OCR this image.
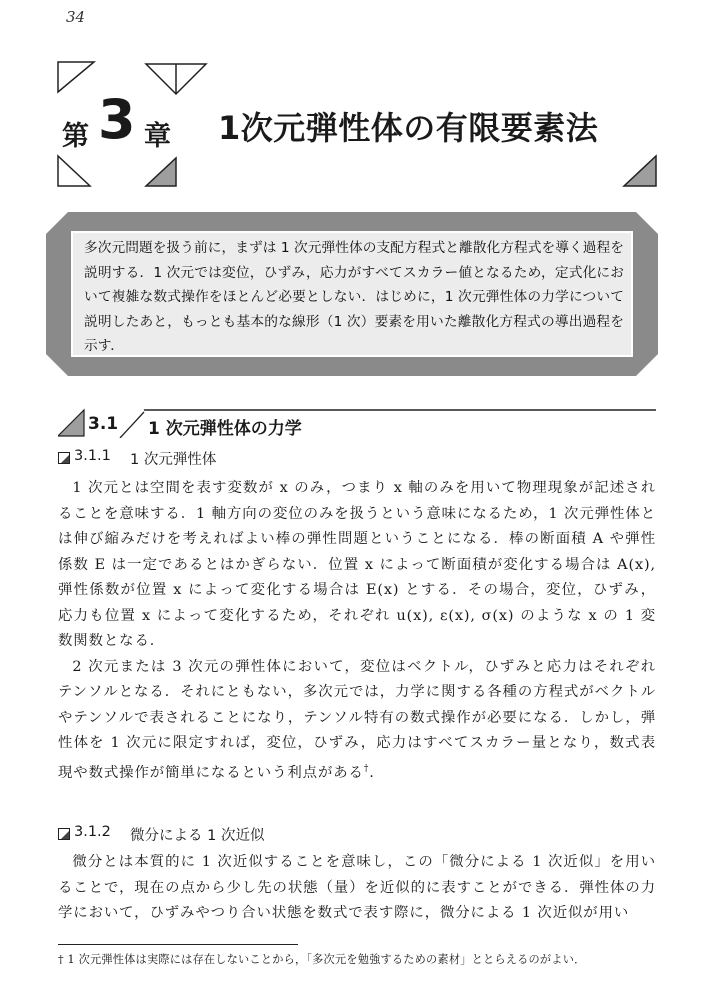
34
第 3 章 1次元弾性体の有限要素法
多次元問題を扱う前に，まずは 1 次元弾性体の支配方程式と離散化方程式を導く過程を説明する．1 次元では変位，ひずみ，応力がすべてスカラー値となるため，定式化において複雑な数式操作をほとんど必要としない．はじめに，1 次元弾性体の力学について説明したあと，もっとも基本的な線形（1 次）要素を用いた離散化方程式の導出過程を示す．
3.1 1 次元弾性体の力学
3.1.1 1 次元弾性体

1 次元とは空間を表す変数が x のみ，つまり x 軸のみを用いて物理現象が記述されることを意味する．1 軸方向の変位のみを扱うという意味になるため，1 次元弾性体とは伸び縮みだけを考えればよい棒の弾性問題ということになる．棒の断面積 A や弾性係数 E は一定であるとはかぎらない．位置 x によって断面積が変化する場合は A(x), 弾性係数が位置 x によって変化する場合は E(x) とする．その場合，変位，ひずみ，応力も位置 x によって変化するため，それぞれ u(x), ε(x), σ(x) のような x の 1 変数関数となる．

2 次元または 3 次元の弾性体において，変位はベクトル，ひずみと応力はそれぞれテンソルとなる．それにともない，多次元では，力学に関する各種の方程式がベクトルやテンソルで表されることになり，テンソル特有の数式操作が必要になる．しかし，弾性体を 1 次元に限定すれば，変位，ひずみ，応力はすべてスカラー量となり，数式表現や数式操作が簡単になるという利点がある†.

3.1.2 微分による 1 次近似

微分とは本質的に 1 次近似することを意味し，この「微分による 1 次近似」を用いることで，現在の点から少し先の状態（量）を近似的に表すことができる．弾性体の力学において，ひずみやつり合い状態を数式で表す際に，微分による 1 次近似が用い

† 1 次元弾性体は実際には存在しないことから，「多次元を勉強するための素材」ととらえるのがよい．
